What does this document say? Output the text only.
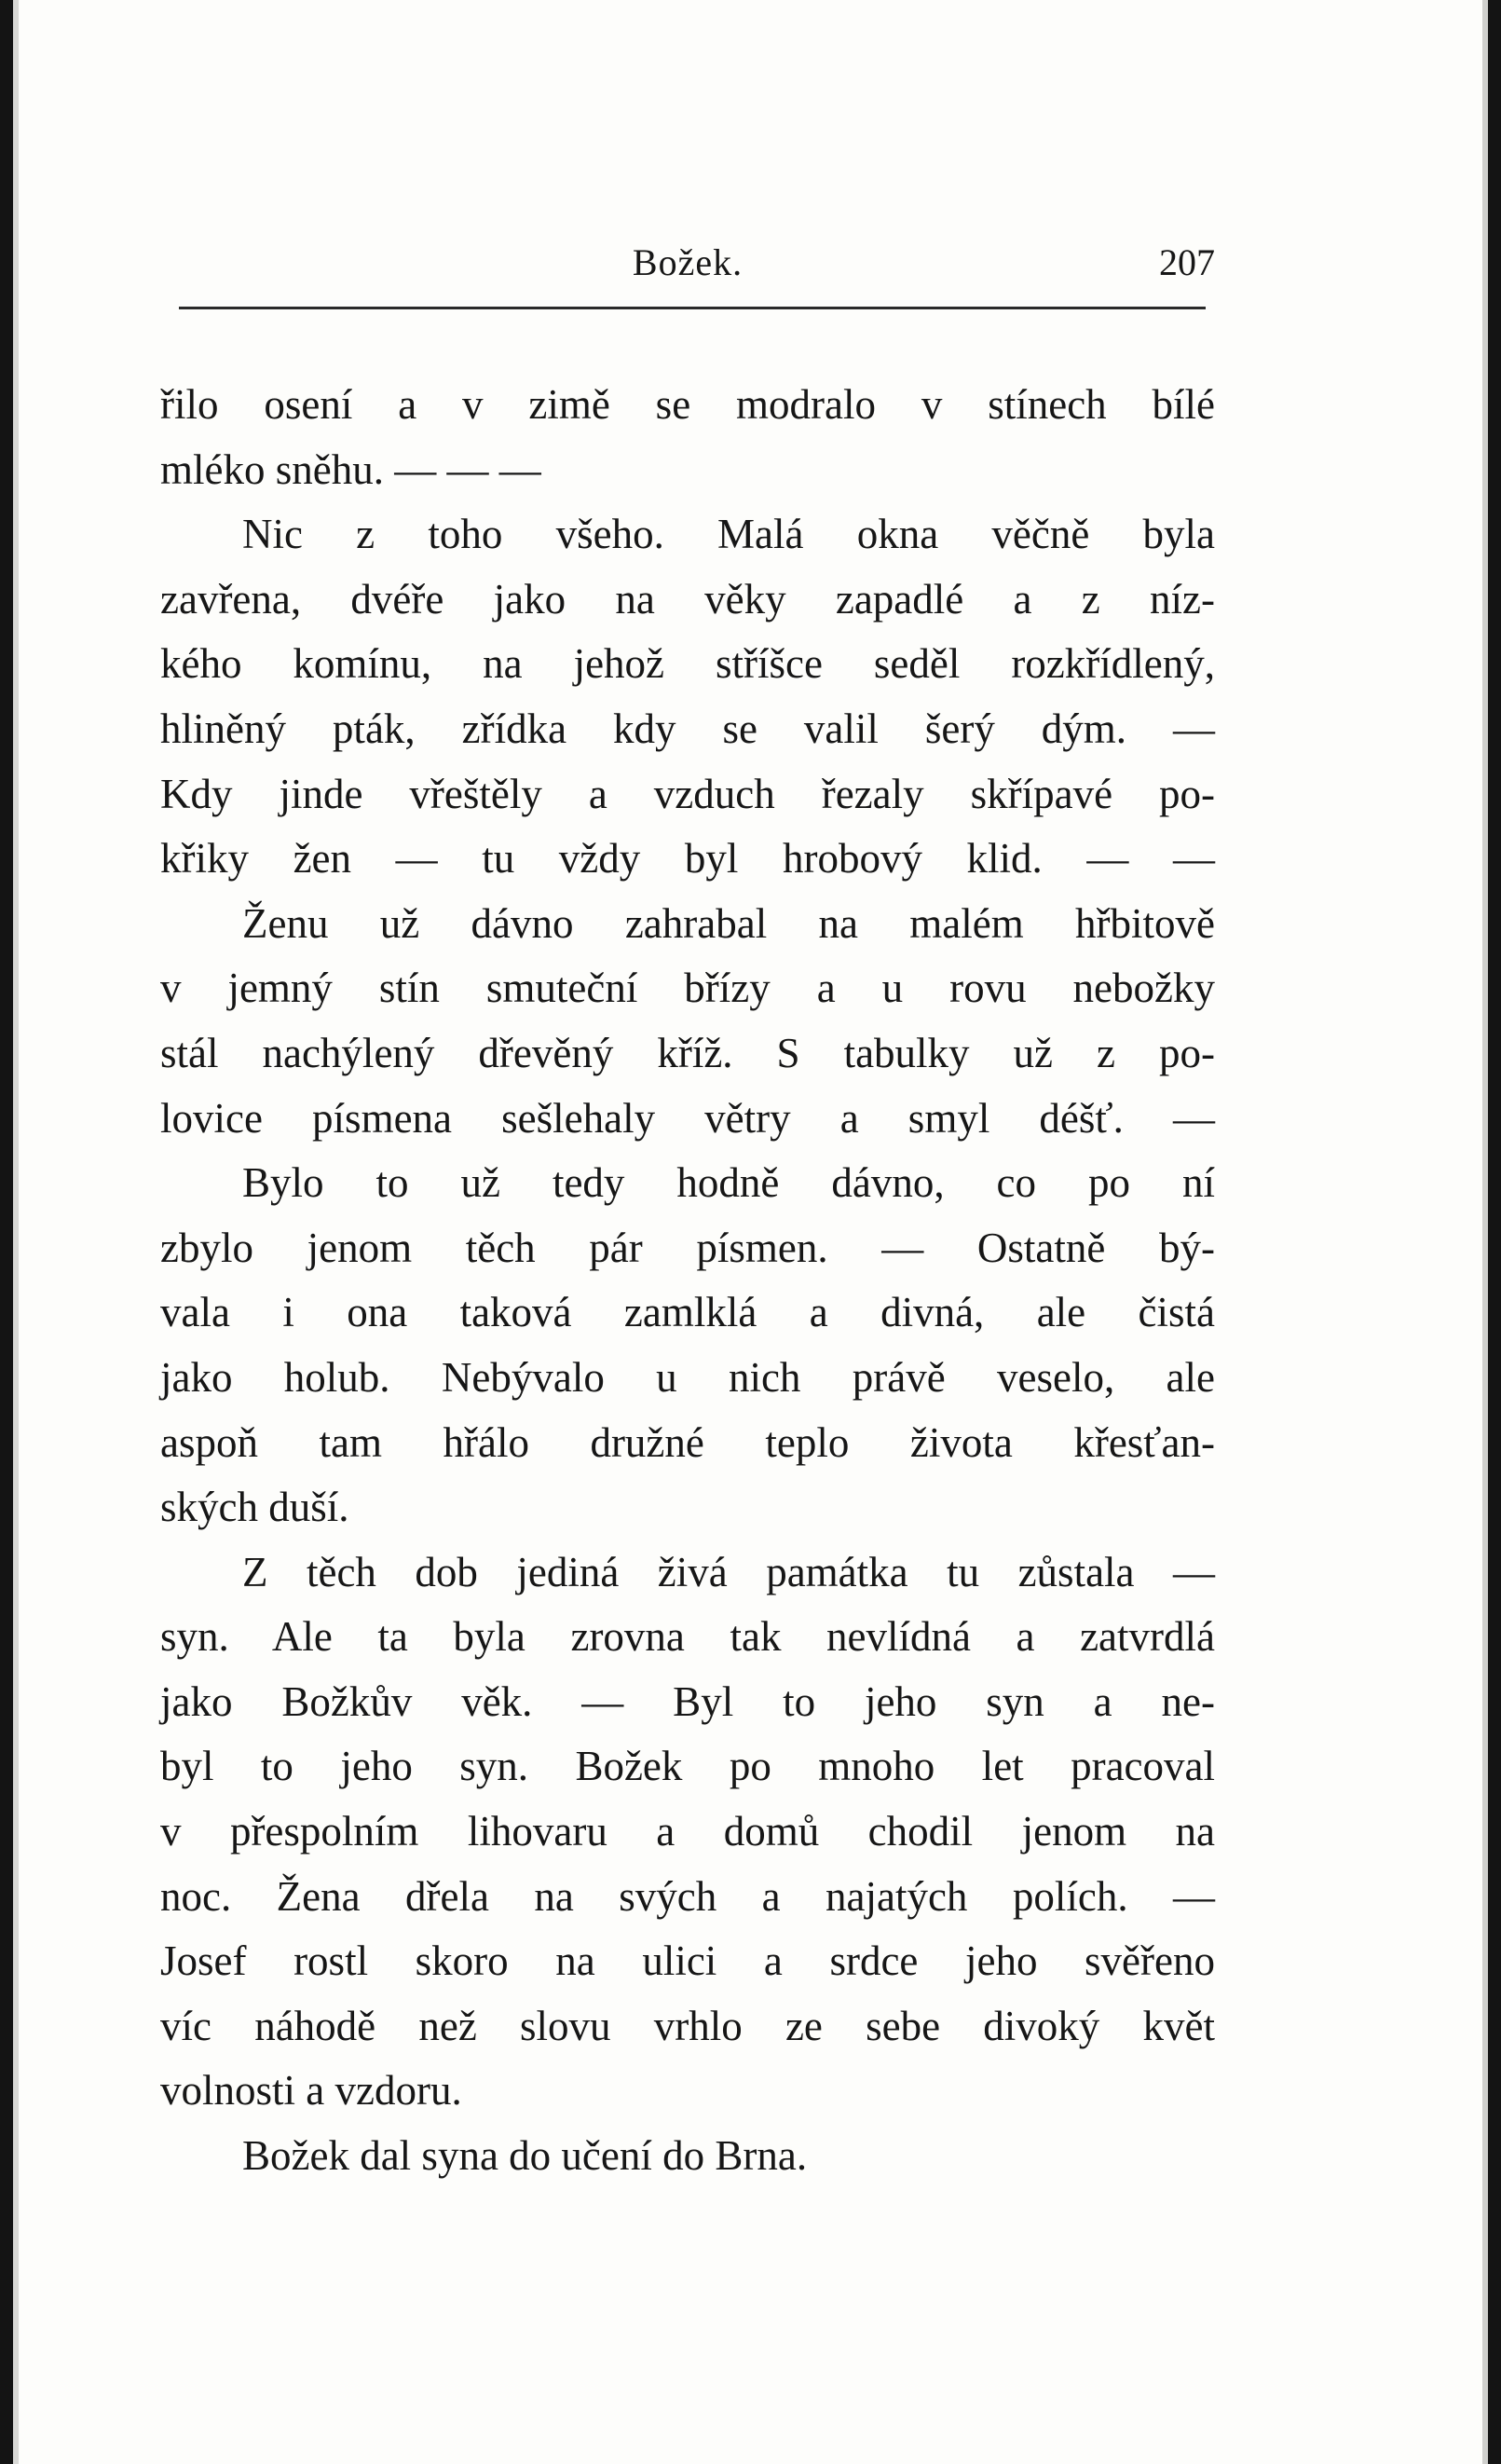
Božek.	207
řilo osení a v zimě se modralo v stínech bílé
mléko sněhu. — — —
Nic z toho všeho. Malá okna věčně byla
zavřena, dvéře jako na věky zapadlé a z níz-
kého komínu, na jehož stříšce seděl rozkřídlený,
hliněný pták, zřídka kdy se valil šerý dým. —
Kdy jinde vřeštěly a vzduch řezaly skřípavé po-
křiky žen — tu vždy byl hrobový klid. — —
Ženu už dávno zahrabal na malém hřbitově
v jemný stín smuteční břízy a u rovu nebožky
stál nachýlený dřevěný kříž. S tabulky už z po-
lovice písmena sešlehaly větry a smyl déšť. —
Bylo to už tedy hodně dávno, co po ní
zbylo jenom těch pár písmen. — Ostatně bý-
vala i ona taková zamlklá a divná, ale čistá
jako holub. Nebývalo u nich právě veselo, ale
aspoň tam hřálo družné teplo života křesťan-
ských duší.
Z těch dob jediná živá památka tu zůstala —
syn. Ale ta byla zrovna tak nevlídná a zatvrdlá
jako Božkův věk. — Byl to jeho syn a ne-
byl to jeho syn. Božek po mnoho let pracoval
v přespolním lihovaru a domů chodil jenom na
noc. Žena dřela na svých a najatých polích. —
Josef rostl skoro na ulici a srdce jeho svěřeno
víc náhodě než slovu vrhlo ze sebe divoký květ
volnosti a vzdoru.
Božek dal syna do učení do Brna.
